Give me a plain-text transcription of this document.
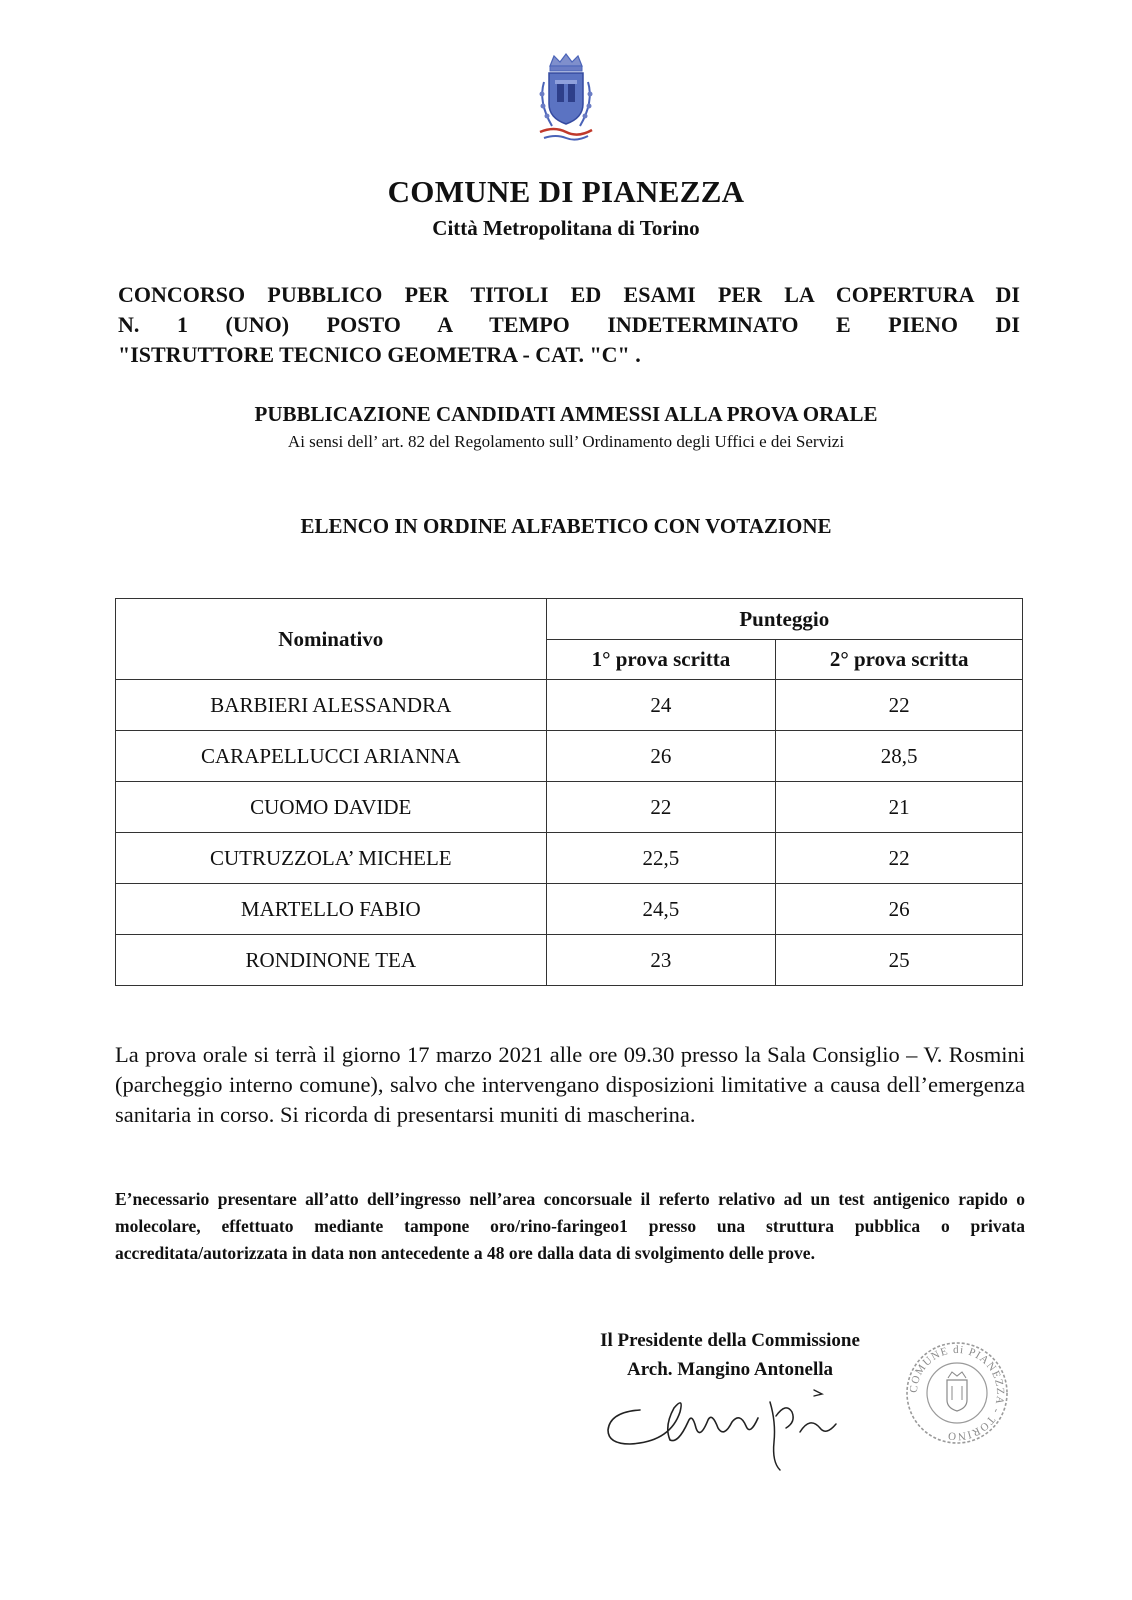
COMUNE DI PIANEZZA
Città Metropolitana di Torino
CONCORSO PUBBLICO PER TITOLI ED ESAMI PER LA COPERTURA DI
N. 1 (UNO) POSTO A TEMPO INDETERMINATO E PIENO DI
"ISTRUTTORE TECNICO GEOMETRA - CAT. "C" .
PUBBLICAZIONE CANDIDATI AMMESSI ALLA PROVA ORALE
Ai sensi dell’ art. 82 del Regolamento sull’ Ordinamento degli Uffici e dei Servizi
ELENCO IN ORDINE ALFABETICO CON VOTAZIONE
Nominativo	Punteggio	
	1° prova scritta	2° prova scritta
BARBIERI ALESSANDRA	24	22
CARAPELLUCCI ARIANNA	26	28,5
CUOMO DAVIDE	22	21
CUTRUZZOLA’ MICHELE	22,5	22
MARTELLO FABIO	24,5	26
RONDINONE TEA	23	25
La prova orale si terrà il giorno 17 marzo 2021 alle ore 09.30 presso la Sala Consiglio – V. Rosmini (parcheggio interno comune), salvo che intervengano disposizioni limitative a causa dell’emergenza sanitaria in corso. Si ricorda di presentarsi muniti di mascherina.
E’necessario presentare all’atto dell’ingresso nell’area concorsuale il referto relativo ad un test antigenico rapido o molecolare, effettuato mediante tampone oro/rino-faringeo1 presso una struttura pubblica o privata accreditata/autorizzata in data non antecedente a 48 ore dalla data di svolgimento delle prove.
Il Presidente della Commissione
Arch. Mangino Antonella
COMUNE di PIANEZZA - TORINO
